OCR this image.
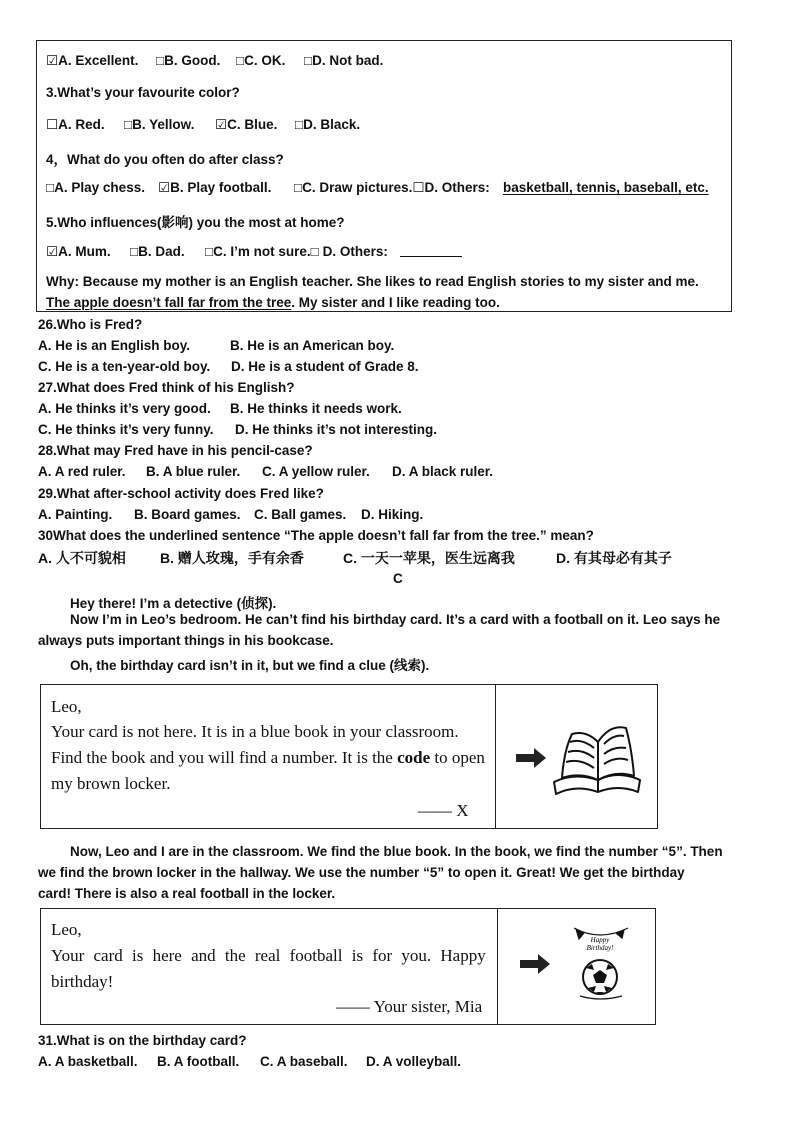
☑A. Excellent. □B. Good. □C. OK. □D. Not bad.
3.What’s your favourite color?
☐A. Red. □B. Yellow. ☑C. Blue. □D. Black.
4，What do you often do after class?
□A. Play chess. ☑B. Play football. □C. Draw pictures.☐D. Others: basketball, tennis, baseball, etc.
5.Who influences(影响) you the most at home?
☑A. Mum. □B. Dad. □C. I’m not sure.□ D. Others:
Why: Because my mother is an English teacher. She likes to read English stories to my sister and me.
The apple doesn’t fall far from the tree. My sister and I like reading too.
26.Who is Fred?
A. He is an English boy.	B. He is an American boy.
C. He is a ten-year-old boy. D. He is a student of Grade 8.
27.What does Fred think of his English?
A. He thinks it’s very good. B. He thinks it needs work.
C. He thinks it’s very funny. D. He thinks it’s not interesting.
28.What may Fred have in his pencil-case?
A. A red ruler. B. A blue ruler. C. A yellow ruler. D. A black ruler.
29.What after-school activity does Fred like?
A. Painting. B. Board games. C. Ball games. D. Hiking.
30What does the underlined sentence “The apple doesn’t fall far from the tree.” mean?
A. 人不可貌相 B. 赠人玫瑰，手有余香	C. 一天一苹果，医生远离我	D. 有其母必有其子
C
Hey there! I’m a detective (侦探).
Now I’m in Leo’s bedroom. He can’t find his birthday card. It’s a card with a football on it. Leo says he
always puts important things in his bookcase.
Oh, the birthday card isn’t in it, but we find a clue (线索).
Leo,
Your card is not here. It is in a blue book in your classroom.
Find the book and you will find a number. It is the code to open
my brown locker.
—— X
Now, Leo and I are in the classroom. We find the blue book. In the book, we find the number “5”. Then
we find the brown locker in the hallway. We use the number “5” to open it. Great! We get the birthday
card! There is also a real football in the locker.
Leo,
Your card is here and the real football is for you. Happy
birthday!
—— Your sister, Mia
Happy
Birthday!
31.What is on the birthday card?
A. A basketball. B. A football. C. A baseball. D. A volleyball.
